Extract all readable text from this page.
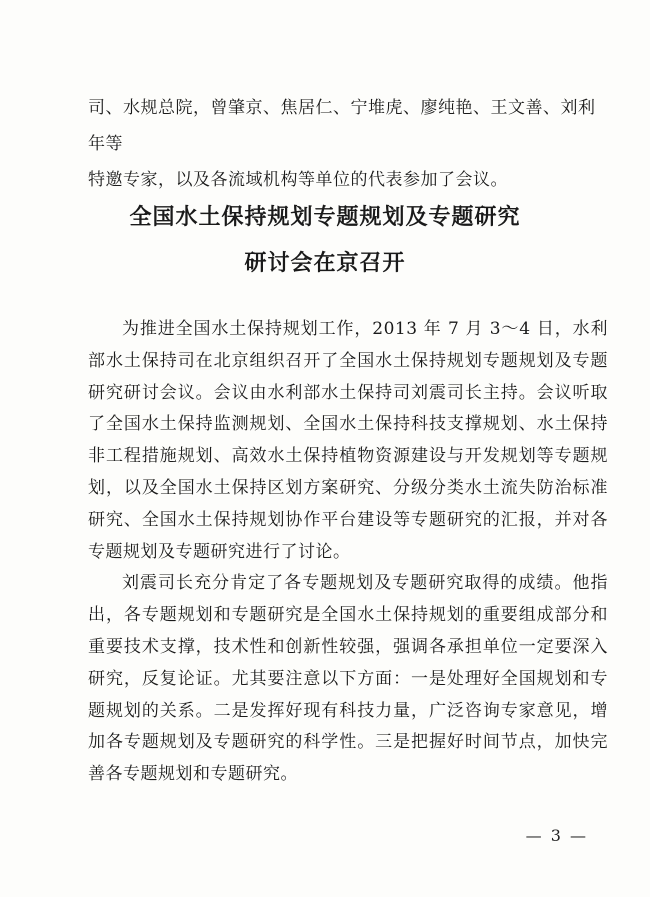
司、水规总院，曾肇京、焦居仁、宁堆虎、廖纯艳、王文善、刘利年等

特邀专家，以及各流域机构等单位的代表参加了会议。

全国水土保持规划专题规划及专题研究
研讨会在京召开

为推进全国水土保持规划工作，2013 年 7 月 3～4 日，水利部水土保持司在北京组织召开了全国水土保持规划专题规划及专题研究研讨会议。会议由水利部水土保持司刘震司长主持。会议听取了全国水土保持监测规划、全国水土保持科技支撑规划、水土保持非工程措施规划、高效水土保持植物资源建设与开发规划等专题规划，以及全国水土保持区划方案研究、分级分类水土流失防治标准研究、全国水土保持规划协作平台建设等专题研究的汇报，并对各专题规划及专题研究进行了讨论。

刘震司长充分肯定了各专题规划及专题研究取得的成绩。他指出，各专题规划和专题研究是全国水土保持规划的重要组成部分和重要技术支撑，技术性和创新性较强，强调各承担单位一定要深入研究，反复论证。尤其要注意以下方面：一是处理好全国规划和专题规划的关系。二是发挥好现有科技力量，广泛咨询专家意见，增加各专题规划及专题研究的科学性。三是把握好时间节点，加快完善各专题规划和专题研究。

— 3 —
